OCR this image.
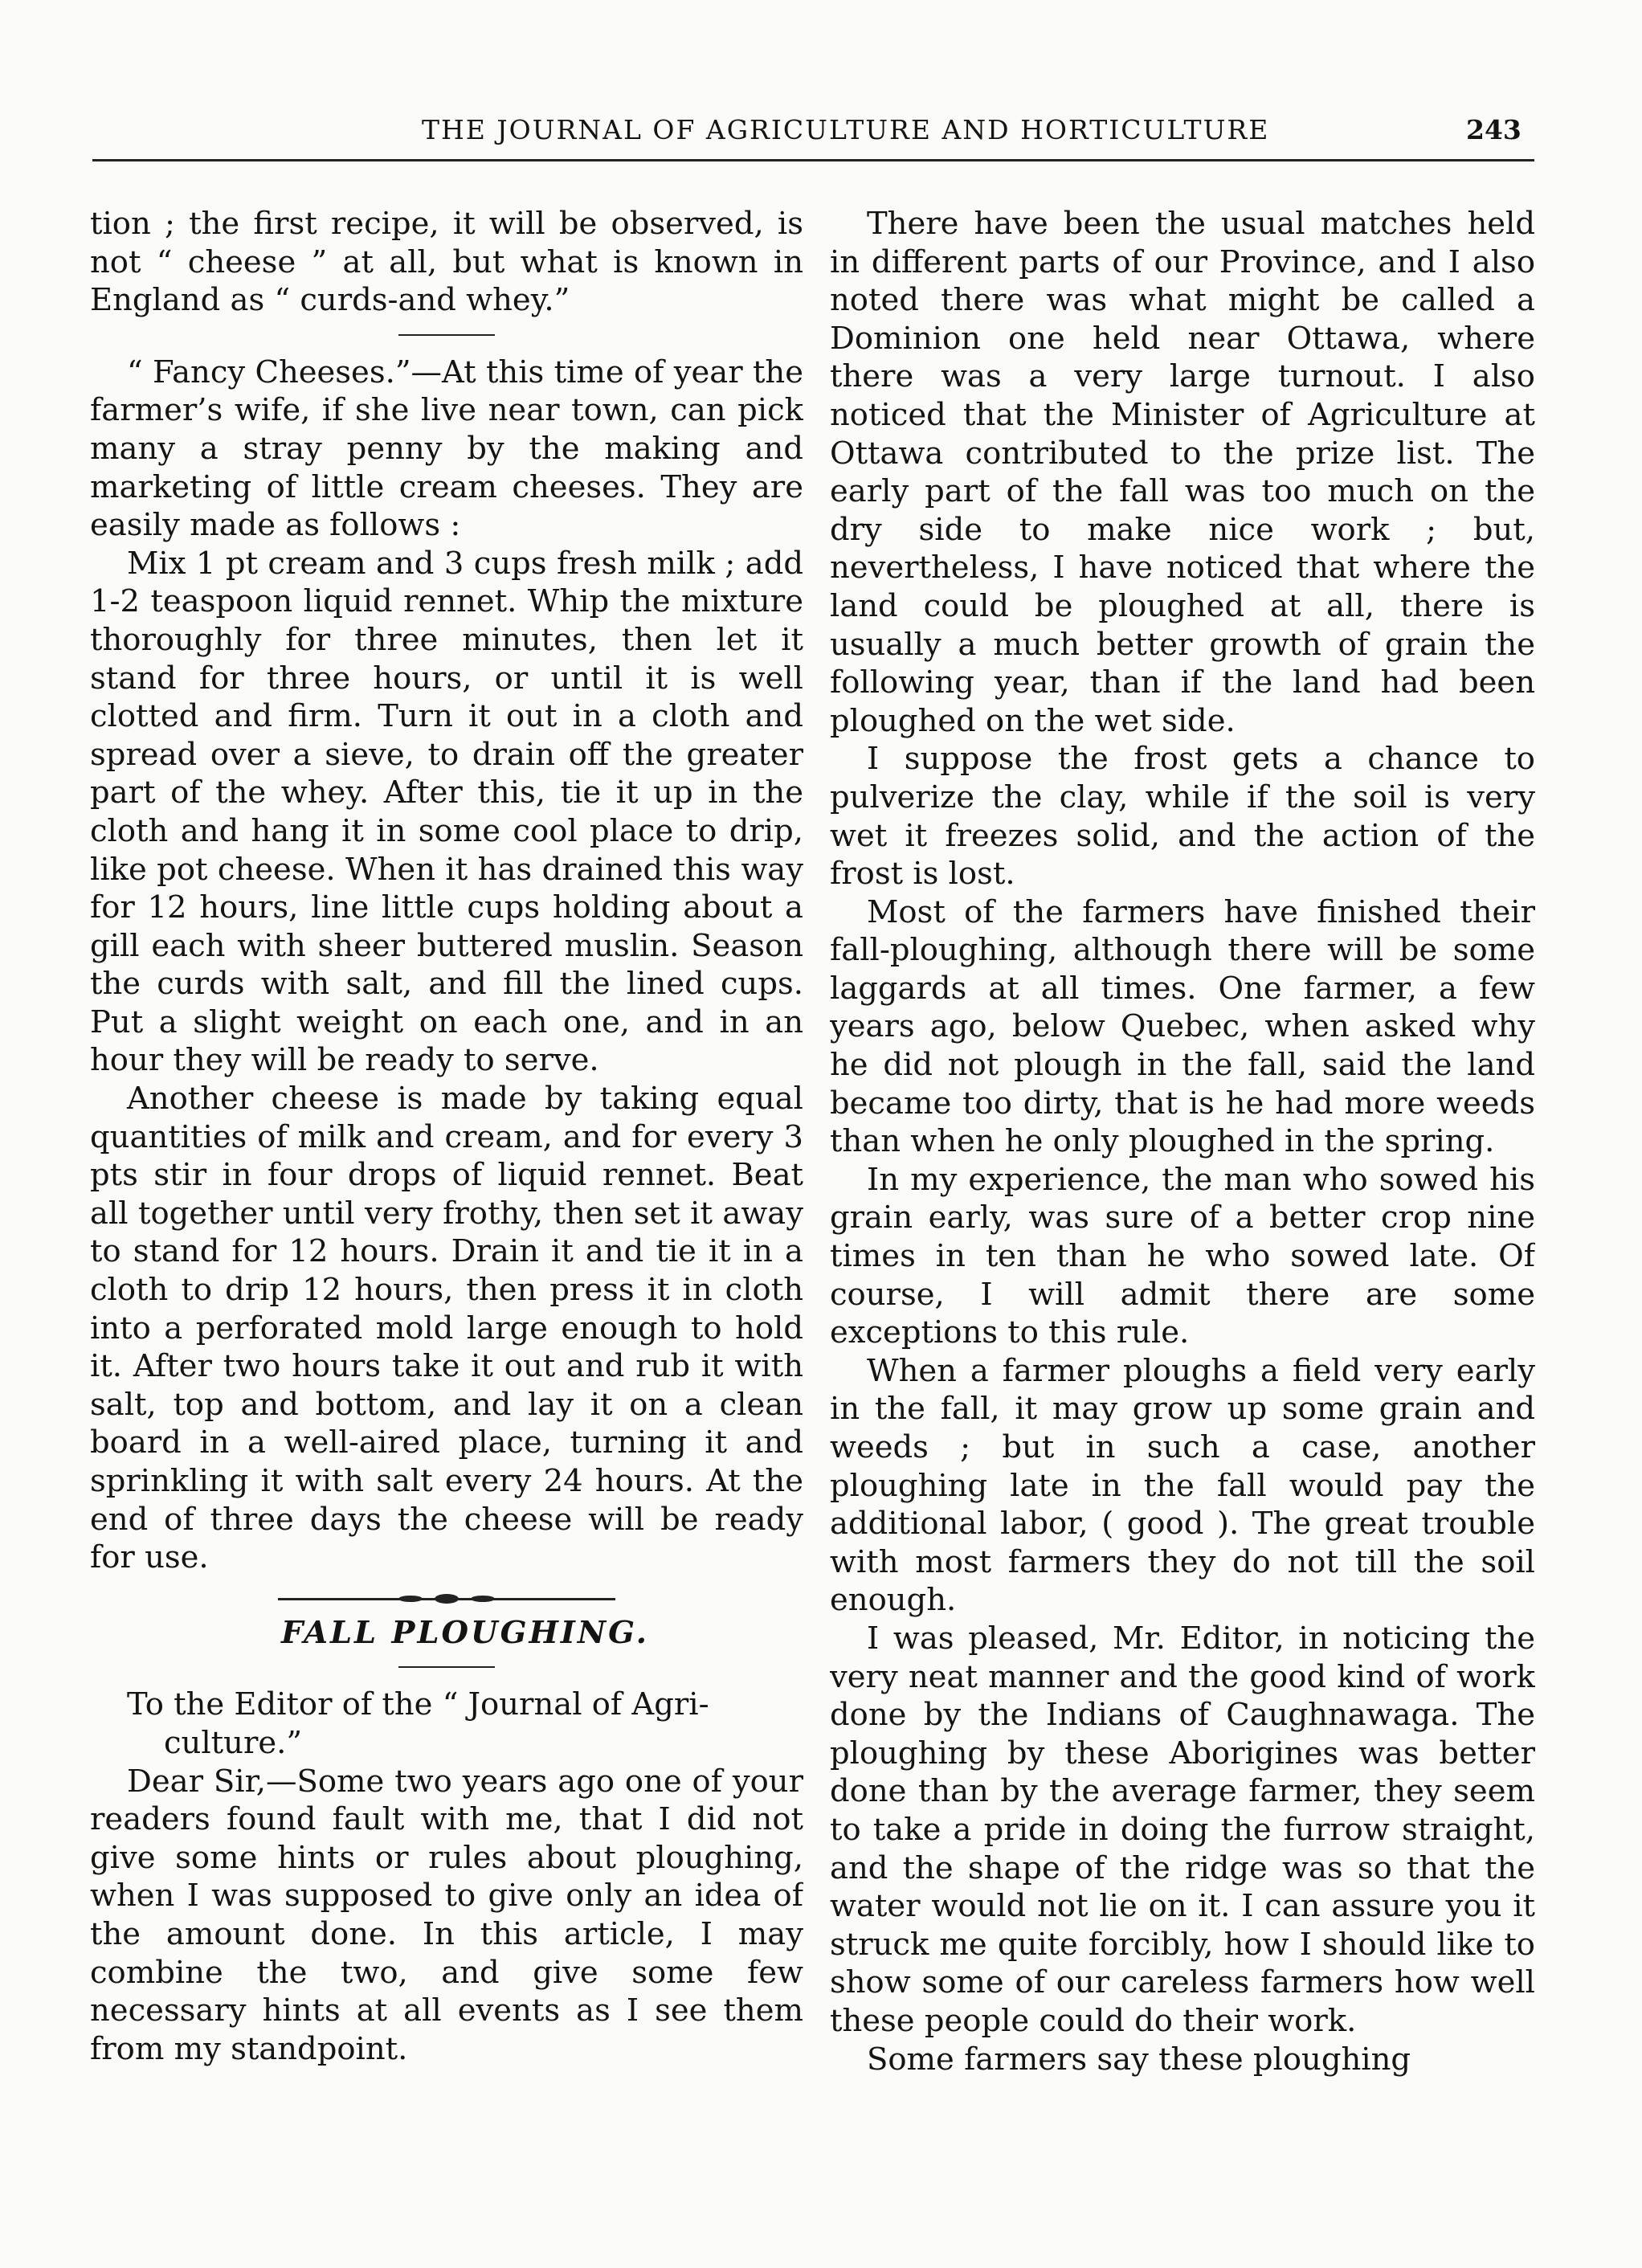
THE JOURNAL OF AGRICULTURE AND HORTICULTURE	243

tion ; the first recipe, it will be observed, is not “ cheese ” at all, but what is known in England as “ curds-and whey.”

“ Fancy Cheeses.”—At this time of year the farmer’s wife, if she live near town, can pick many a stray penny by the making and marketing of little cream cheeses. They are easily made as follows :

Mix 1 pt cream and 3 cups fresh milk ; add 1-2 teaspoon liquid rennet. Whip the mixture thoroughly for three minutes, then let it stand for three hours, or until it is well clotted and firm. Turn it out in a cloth and spread over a sieve, to drain off the greater part of the whey. After this, tie it up in the cloth and hang it in some cool place to drip, like pot cheese. When it has drained this way for 12 hours, line little cups holding about a gill each with sheer buttered muslin. Season the curds with salt, and fill the lined cups. Put a slight weight on each one, and in an hour they will be ready to serve.

Another cheese is made by taking equal quantities of milk and cream, and for every 3 pts stir in four drops of liquid rennet. Beat all together until very frothy, then set it away to stand for 12 hours. Drain it and tie it in a cloth to drip 12 hours, then press it in cloth into a perforated mold large enough to hold it. After two hours take it out and rub it with salt, top and bottom, and lay it on a clean board in a well-aired place, turning it and sprinkling it with salt every 24 hours. At the end of three days the cheese will be ready for use.

FALL PLOUGHING.

To the Editor of the “ Journal of Agri-
culture.”

Dear Sir,—Some two years ago one of your readers found fault with me, that I did not give some hints or rules about ploughing, when I was supposed to give only an idea of the amount done. In this article, I may combine the two, and give some few necessary hints at all events as I see them from my standpoint.

There have been the usual matches held in different parts of our Province, and I also noted there was what might be called a Dominion one held near Ottawa, where there was a very large turnout. I also noticed that the Minister of Agriculture at Ottawa contributed to the prize list. The early part of the fall was too much on the dry side to make nice work ; but, nevertheless, I have noticed that where the land could be ploughed at all, there is usually a much better growth of grain the following year, than if the land had been ploughed on the wet side.

I suppose the frost gets a chance to pulverize the clay, while if the soil is very wet it freezes solid, and the action of the frost is lost.

Most of the farmers have finished their fall-ploughing, although there will be some laggards at all times. One farmer, a few years ago, below Quebec, when asked why he did not plough in the fall, said the land became too dirty, that is he had more weeds than when he only ploughed in the spring.

In my experience, the man who sowed his grain early, was sure of a better crop nine times in ten than he who sowed late. Of course, I will admit there are some exceptions to this rule.

When a farmer ploughs a field very early in the fall, it may grow up some grain and weeds ; but in such a case, another ploughing late in the fall would pay the additional labor, ( good ). The great trouble with most farmers they do not till the soil enough.

I was pleased, Mr. Editor, in noticing the very neat manner and the good kind of work done by the Indians of Caughnawaga. The ploughing by these Aborigines was better done than by the average farmer, they seem to take a pride in doing the furrow straight, and the shape of the ridge was so that the water would not lie on it. I can assure you it struck me quite forcibly, how I should like to show some of our careless farmers how well these people could do their work.

Some farmers say these ploughing
